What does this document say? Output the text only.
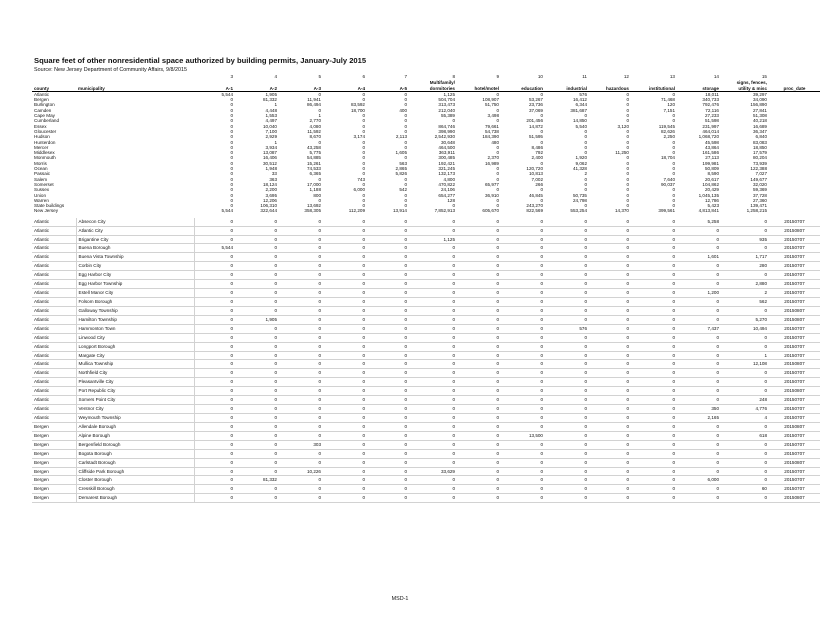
Square feet of other nonresidential space authorized by building permits, January-July 2015
Source: New Jersey Department of Community Affairs, 9/8/2015
		3	4	5	6	7	8	9	10	11	12	13	14	15	
county	municipality	A-1	A-2	A-3	A-4	A-5	Multifamily/ dormitories	hotel/motel	education	industrial	hazardous	institutional	storage	signs, fences, utility & misc	proc_date
Atlantic		5,544	1,905	0	0	0	1,125	0	0	576	0	0	18,011	39,297	
Bergen		0	81,332	11,941	0	0	504,704	108,907	53,267	16,412	0	71,468	340,733	34,090	
Burlington		0	1	86,494	83,592	0	313,473	51,750	23,736	6,344	0	120	792,476	156,890	
Camden		0	4,448	0	18,700	400	212,040	0	37,069	381,687	0	7,151	72,116	27,841	
Cape May		0	1,553	1	0	0	55,389	3,498	0	0	0	0	27,233	51,308	
Cumberland		0	4,497	2,770	0	0	0	0	201,456	14,850	0	0	51,598	40,218	
Essex		0	10,040	4,080	0	0	864,746	79,661	14,872	5,540	3,120	119,545	231,997	16,689	
Gloucester		0	7,100	11,592	0	0	398,990	54,738	0	0	0	82,626	464,014	36,347	
Hudson		0	2,929	8,670	3,174	2,113	2,542,930	184,390	51,595	0	0	2,250	1,068,720	6,840	
Hunterdon		0	1	0	0	0	30,648	480	0	0	0	0	45,598	83,083	
Mercer		0	3,934	43,258	0	0	464,500	0	8,486	0	0	0	43,864	18,850	
Middlesex		0	13,087	5,775	0	1,605	363,911	0	792	0	11,250	0	161,586	17,579	
Monmouth		0	16,406	54,885	0	0	300,485	2,370	2,400	1,920	0	18,704	27,113	80,204	
Morris		0	30,512	15,261	0	563	192,421	16,989	0	9,062	0	0	199,981	73,939	
Ocean		0	1,948	74,533	0	2,865	321,245	0	120,720	41,328	0	0	50,809	122,388	
Passaic		0	33	6,365	0	5,826	132,173	0	10,813	2	0	0	8,590	7,027	
Salem		0	363	0	743	0	4,800	0	7,002	0	0	7,640	20,617	149,677	
Somerset		0	18,124	17,000	0	0	470,822	65,977	266	0	0	90,037	104,862	32,020	
Sussex		0	2,200	1,188	6,000	542	24,106	0	0	0	0	0	20,429	59,369	
Union		0	3,695	800	0	0	654,277	36,910	46,845	50,735	0	0	1,045,135	37,728	
Warren		0	12,206	0	0	0	128	0	0	24,798	0	0	12,786	27,360	
State buildings		0	106,310	13,692	0	0	0	0	243,270	0	0	0	5,423	139,471	
New Jersey		5,544	322,644	358,305	112,209	13,914	7,852,913	605,670	822,569	553,254	14,370	399,561	4,813,841	1,258,215	

Atlantic	Absecon City	0	0	0	0	0	0	0	0	0	0	0	5,258	0	20150707
Atlantic	Atlantic City	0	0	0	0	0	0	0	0	0	0	0	0	0	20150807
Atlantic	Brigantine City	0	0	0	0	0	1,125	0	0	0	0	0	0	935	20150707
Atlantic	Buena Borough	5,544	0	0	0	0	0	0	0	0	0	0	0	0	20150707
Atlantic	Buena Vista Township	0	0	0	0	0	0	0	0	0	0	0	1,601	1,717	20150707
Atlantic	Corbin City	0	0	0	0	0	0	0	0	0	0	0	0	280	20150707
Atlantic	Egg Harbor City	0	0	0	0	0	0	0	0	0	0	0	0	0	20150707
Atlantic	Egg Harbor Township	0	0	0	0	0	0	0	0	0	0	0	0	2,880	20150707
Atlantic	Estell Manor City	0	0	0	0	0	0	0	0	0	0	0	1,200	2	20150707
Atlantic	Folsom Borough	0	0	0	0	0	0	0	0	0	0	0	0	562	20150707
Atlantic	Galloway Township	0	0	0	0	0	0	0	0	0	0	0	0	0	20150807
Atlantic	Hamilton Township	0	1,905	0	0	0	0	0	0	0	0	0	0	5,270	20150807
Atlantic	Hammonton Town	0	0	0	0	0	0	0	0	576	0	0	7,437	10,494	20150707
Atlantic	Linwood City	0	0	0	0	0	0	0	0	0	0	0	0	0	20150707
Atlantic	Longport Borough	0	0	0	0	0	0	0	0	0	0	0	0	0	20150707
Atlantic	Margate City	0	0	0	0	0	0	0	0	0	0	0	0	1	20150707
Atlantic	Mullica Township	0	0	0	0	0	0	0	0	0	0	0	0	12,108	20150807
Atlantic	Northfield City	0	0	0	0	0	0	0	0	0	0	0	0	0	20150707
Atlantic	Pleasantville City	0	0	0	0	0	0	0	0	0	0	0	0	0	20150707
Atlantic	Port Republic City	0	0	0	0	0	0	0	0	0	0	0	0	0	20150807
Atlantic	Somers Point City	0	0	0	0	0	0	0	0	0	0	0	0	248	20150707
Atlantic	Ventnor City	0	0	0	0	0	0	0	0	0	0	0	350	4,776	20150707
Atlantic	Weymouth Township	0	0	0	0	0	0	0	0	0	0	0	2,165	4	20150707
Bergen	Allendale Borough	0	0	0	0	0	0	0	0	0	0	0	0	0	20150807
Bergen	Alpine Borough	0	0	0	0	0	0	0	13,500	0	0	0	0	618	20150707
Bergen	Bergenfield Borough	0	0	303	0	0	0	0	0	0	0	0	0	0	20150707
Bergen	Bogota Borough	0	0	0	0	0	0	0	0	0	0	0	0	0	20150707
Bergen	Carlstadt Borough	0	0	0	0	0	0	0	0	0	0	0	0	0	20150807
Bergen	Cliffside Park Borough	0	0	10,226	0	0	33,629	0	0	0	0	0	0	0	20150707
Bergen	Closter Borough	0	81,332	0	0	0	0	0	0	0	0	0	6,000	0	20150707
Bergen	Cresskill Borough	0	0	0	0	0	0	0	0	0	0	0	0	60	20150707
Bergen	Demarest Borough	0	0	0	0	0	0	0	0	0	0	0	0	0	20150807
MSD-1
